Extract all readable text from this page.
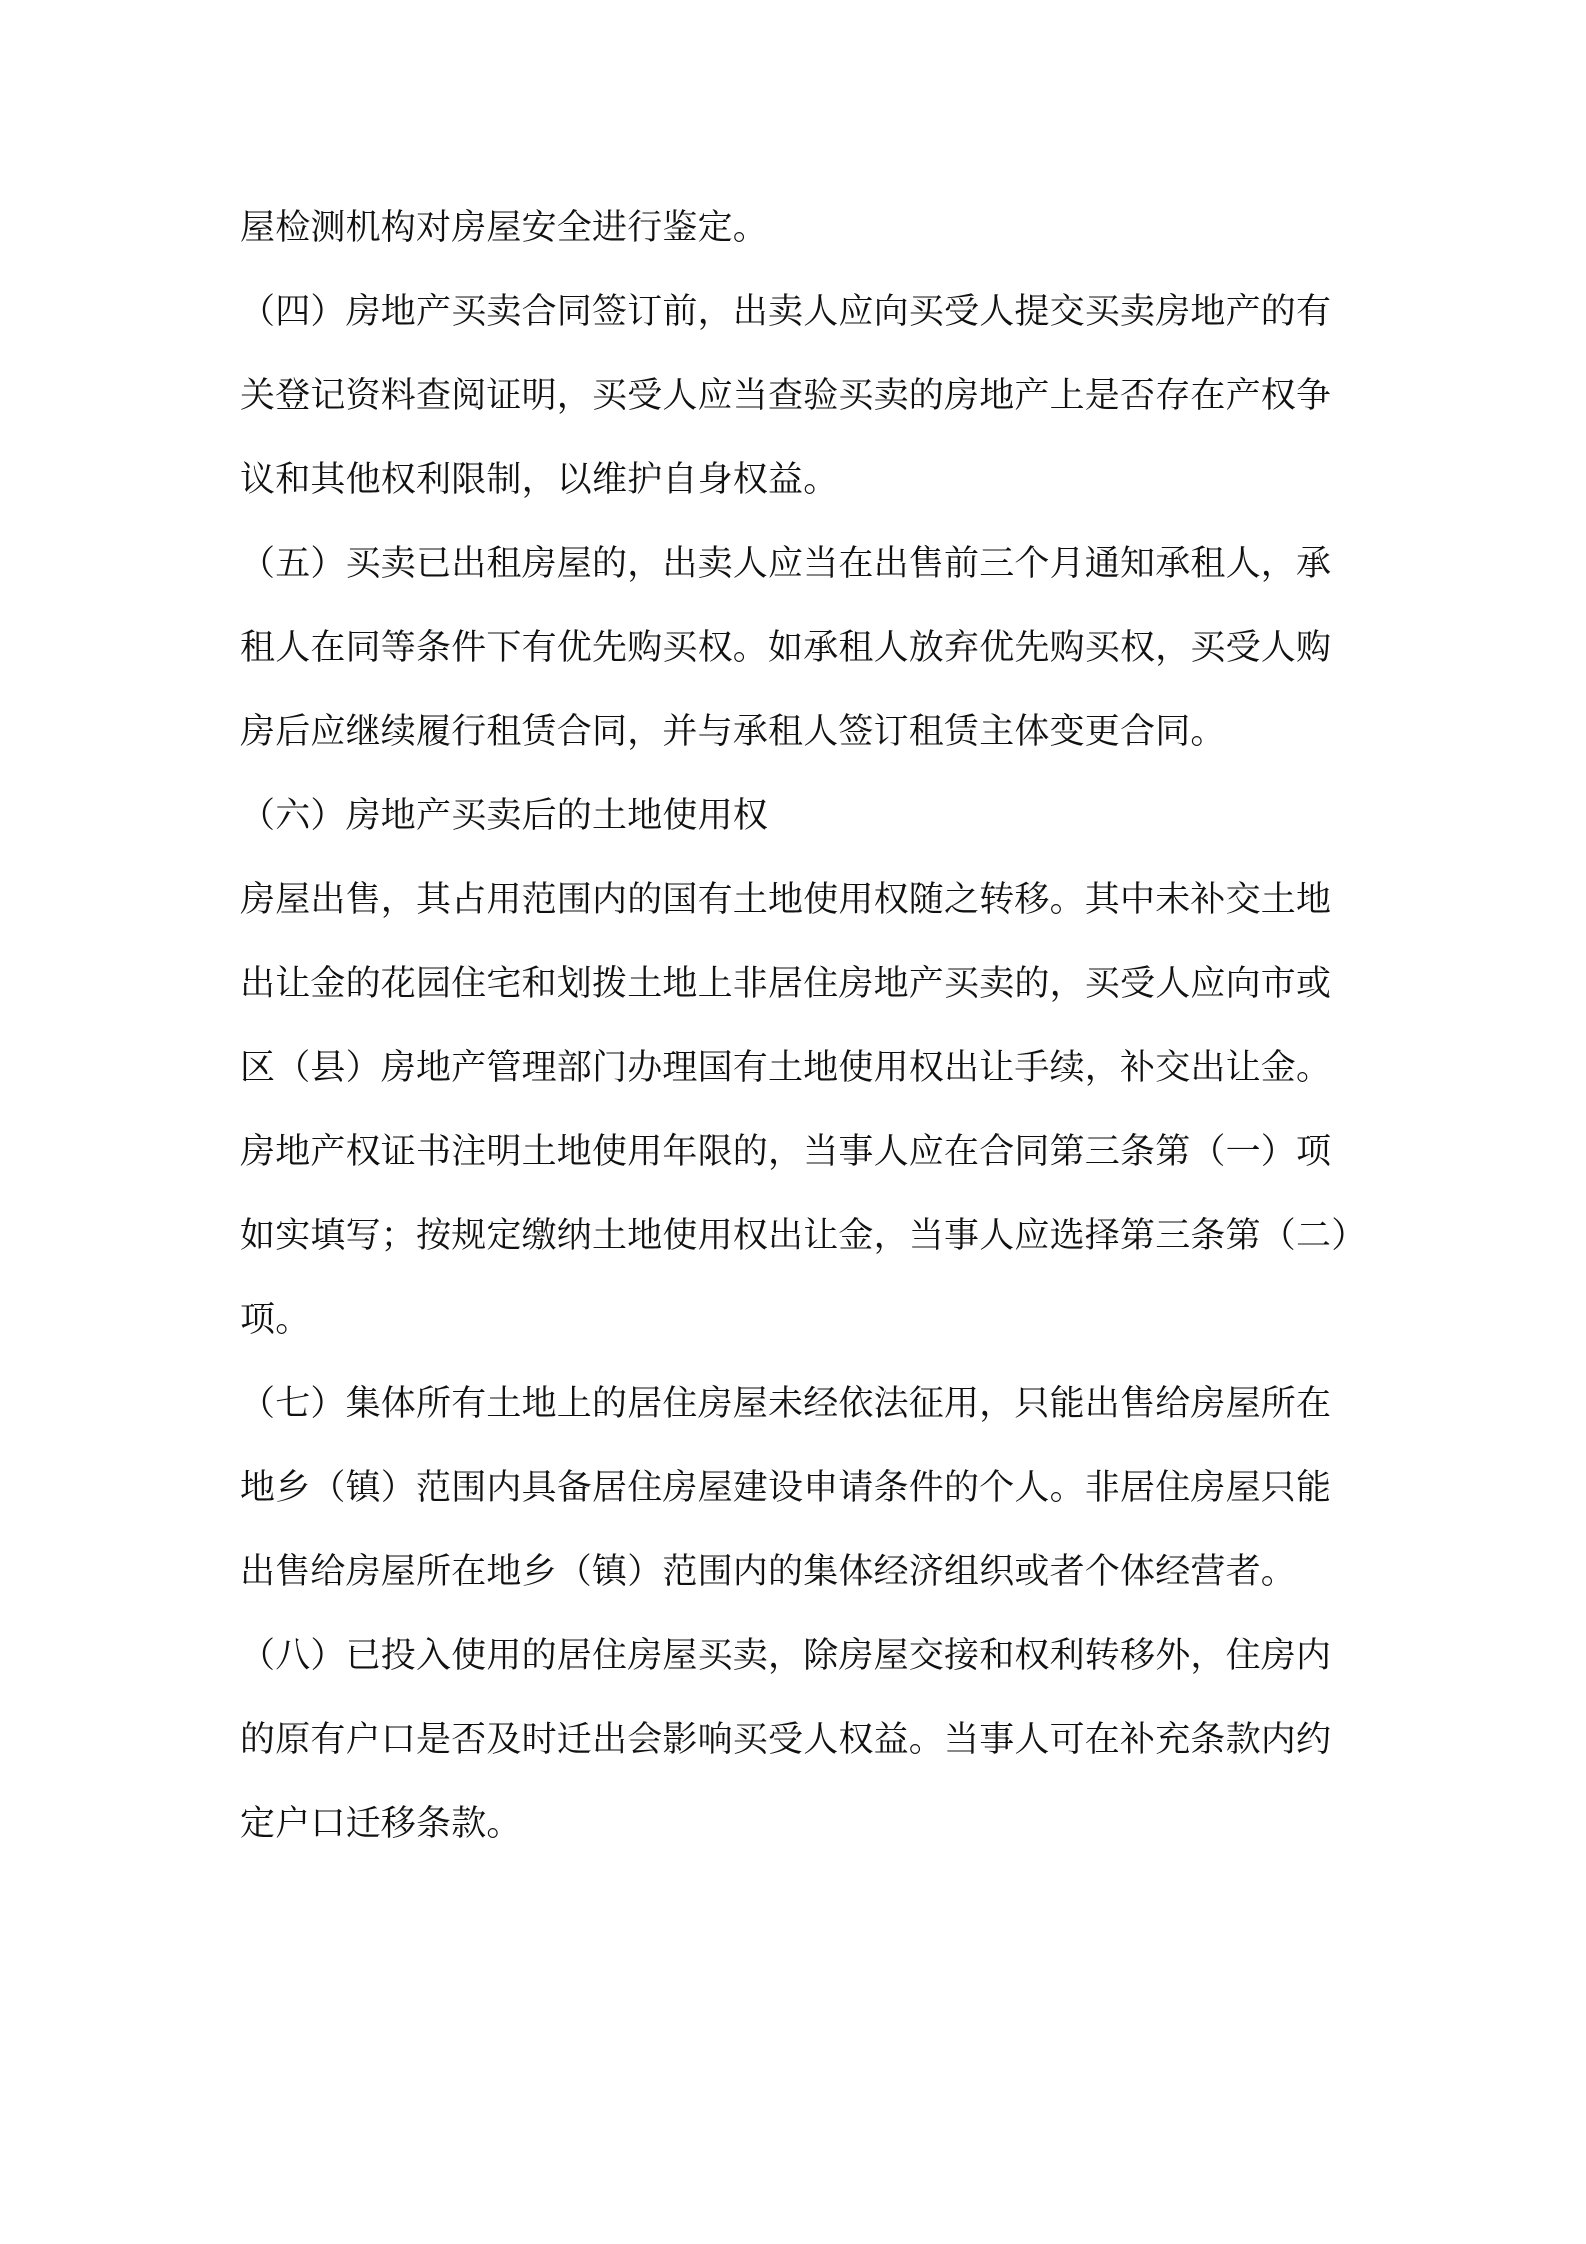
屋检测机构对房屋安全进行鉴定。

（四）房地产买卖合同签订前，出卖人应向买受人提交买卖房地产的有关登记资料查阅证明，买受人应当查验买卖的房地产上是否存在产权争议和其他权利限制，以维护自身权益。

（五）买卖已出租房屋的，出卖人应当在出售前三个月通知承租人，承租人在同等条件下有优先购买权。如承租人放弃优先购买权，买受人购房后应继续履行租赁合同，并与承租人签订租赁主体变更合同。

（六）房地产买卖后的土地使用权

房屋出售，其占用范围内的国有土地使用权随之转移。其中未补交土地出让金的花园住宅和划拨土地上非居住房地产买卖的，买受人应向市或区（县）房地产管理部门办理国有土地使用权出让手续，补交出让金。

房地产权证书注明土地使用年限的，当事人应在合同第三条第（一）项如实填写；按规定缴纳土地使用权出让金，当事人应选择第三条第（二）项。

（七）集体所有土地上的居住房屋未经依法征用，只能出售给房屋所在地乡（镇）范围内具备居住房屋建设申请条件的个人。非居住房屋只能出售给房屋所在地乡（镇）范围内的集体经济组织或者个体经营者。

（八）已投入使用的居住房屋买卖，除房屋交接和权利转移外，住房内的原有户口是否及时迁出会影响买受人权益。当事人可在补充条款内约定户口迁移条款。
